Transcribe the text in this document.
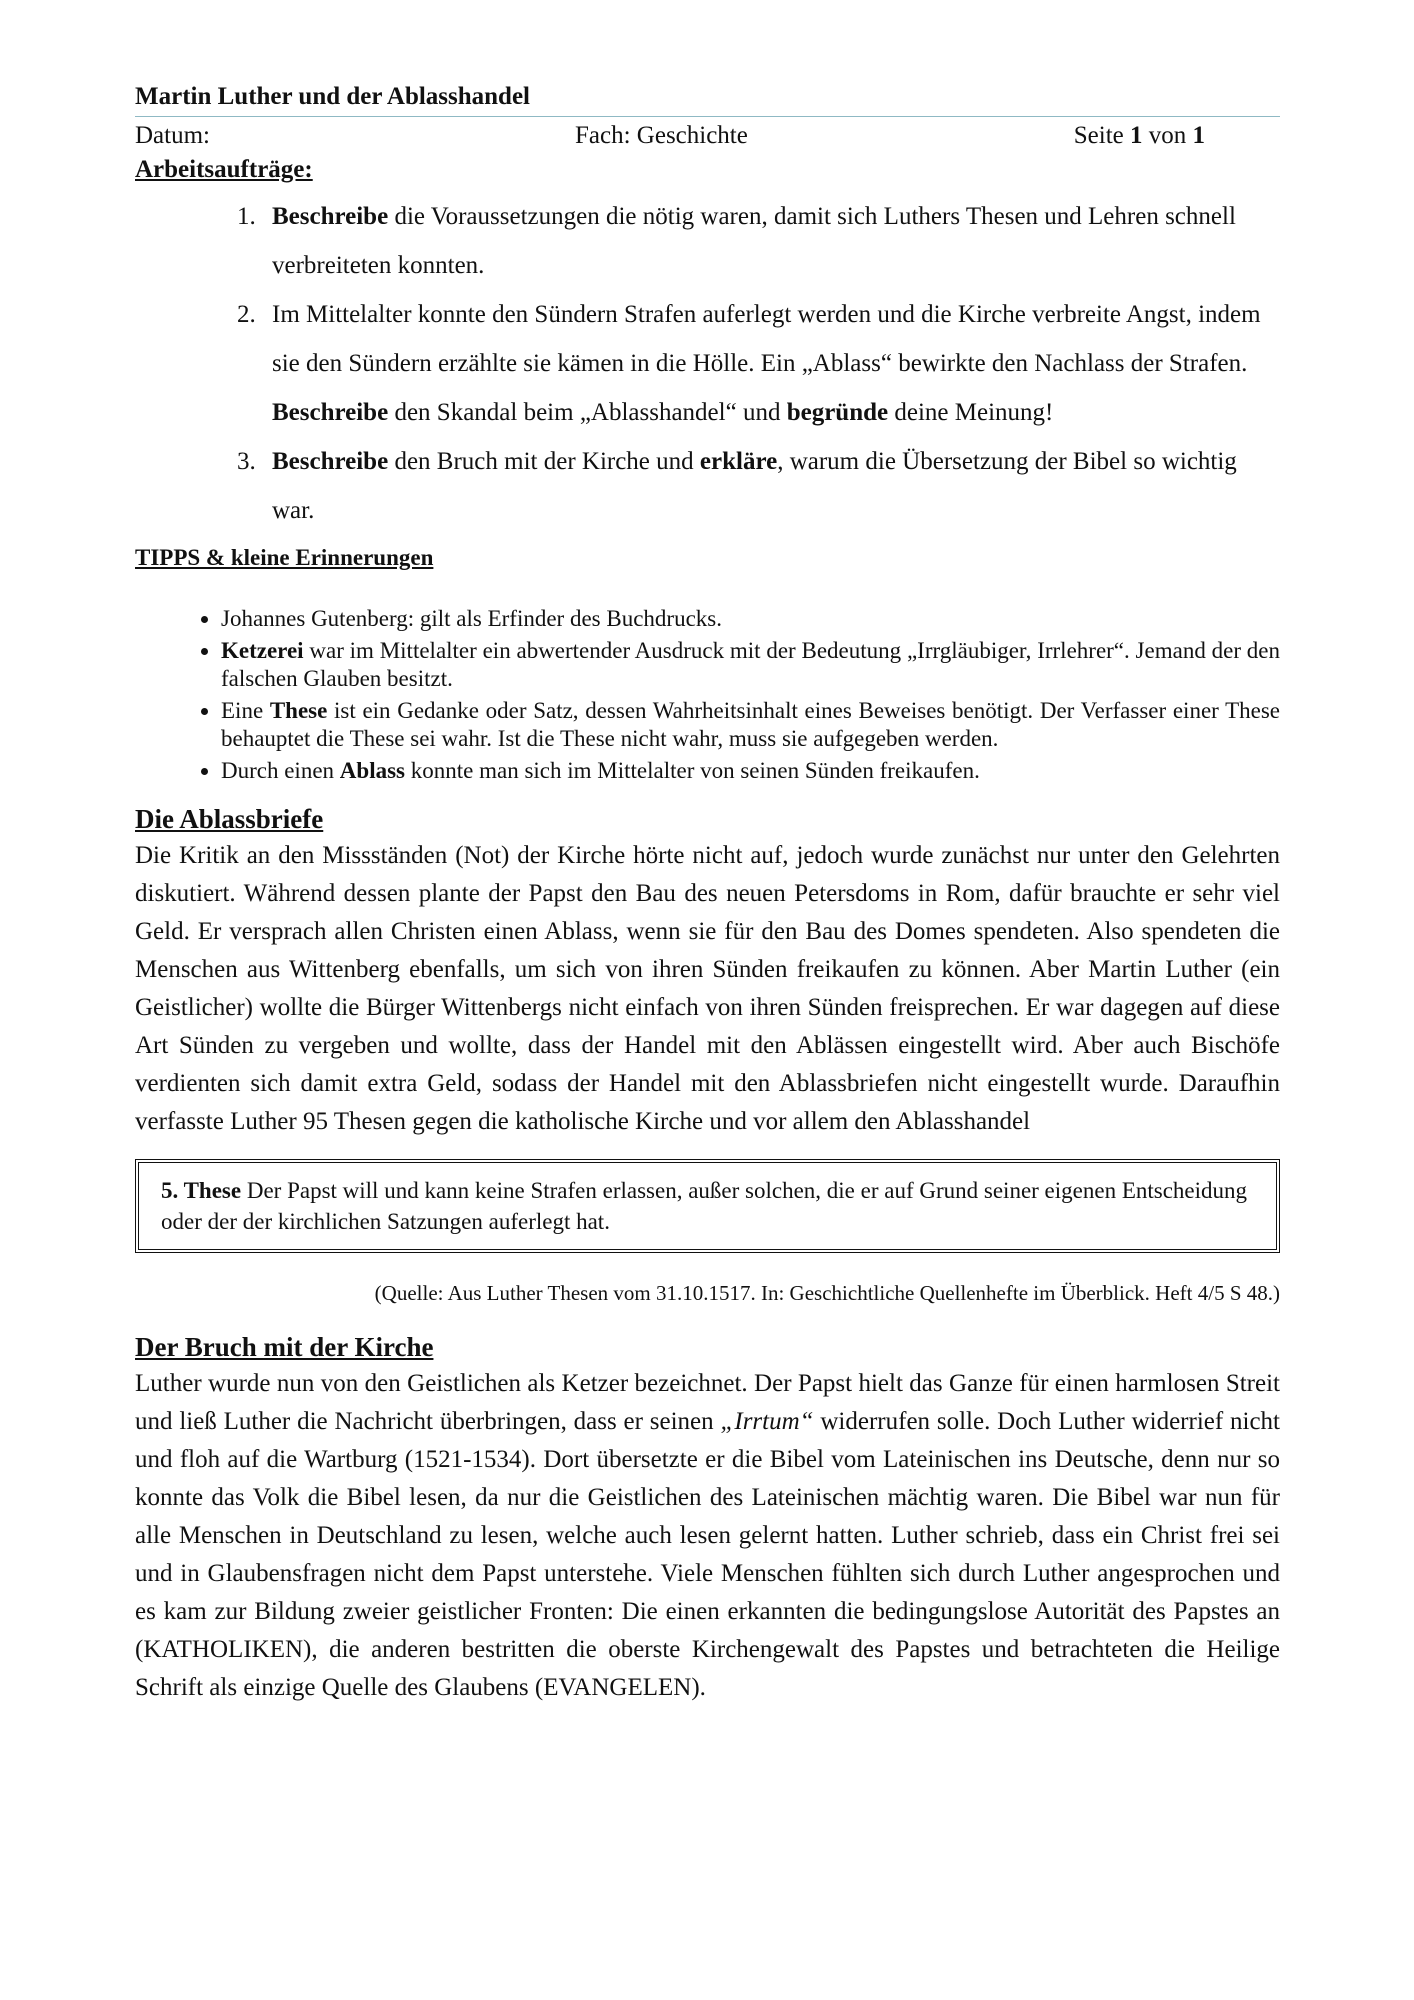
Martin Luther und der Ablasshandel
Datum:	Fach: Geschichte	Seite 1 von 1
Arbeitsaufträge:
1. Beschreibe die Voraussetzungen die nötig waren, damit sich Luthers Thesen und Lehren schnell verbreiteten konnten.
2. Im Mittelalter konnte den Sündern Strafen auferlegt werden und die Kirche verbreite Angst, indem sie den Sündern erzählte sie kämen in die Hölle. Ein „Ablass“ bewirkte den Nachlass der Strafen.
Beschreibe den Skandal beim „Ablasshandel“ und begründe deine Meinung!
3. Beschreibe den Bruch mit der Kirche und erkläre, warum die Übersetzung der Bibel so wichtig war.
TIPPS & kleine Erinnerungen
• Johannes Gutenberg: gilt als Erfinder des Buchdrucks.
• Ketzerei war im Mittelalter ein abwertender Ausdruck mit der Bedeutung „Irrgläubiger, Irrlehrer“. Jemand der den falschen Glauben besitzt.
• Eine These ist ein Gedanke oder Satz, dessen Wahrheitsinhalt eines Beweises benötigt. Der Verfasser einer These behauptet die These sei wahr. Ist die These nicht wahr, muss sie aufgegeben werden.
• Durch einen Ablass konnte man sich im Mittelalter von seinen Sünden freikaufen.
Die Ablassbriefe

Die Kritik an den Missständen (Not) der Kirche hörte nicht auf, jedoch wurde zunächst nur unter den Gelehrten diskutiert. Während dessen plante der Papst den Bau des neuen Petersdoms in Rom, dafür brauchte er sehr viel Geld. Er versprach allen Christen einen Ablass, wenn sie für den Bau des Domes spendeten. Also spendeten die Menschen aus Wittenberg ebenfalls, um sich von ihren Sünden freikaufen zu können. Aber Martin Luther (ein Geistlicher) wollte die Bürger Wittenbergs nicht einfach von ihren Sünden freisprechen. Er war dagegen auf diese Art Sünden zu vergeben und wollte, dass der Handel mit den Ablässen eingestellt wird. Aber auch Bischöfe verdienten sich damit extra Geld, sodass der Handel mit den Ablassbriefen nicht eingestellt wurde. Daraufhin verfasste Luther 95 Thesen gegen die katholische Kirche und vor allem den Ablasshandel

5. These Der Papst will und kann keine Strafen erlassen, außer solchen, die er auf Grund seiner eigenen Entscheidung oder der der kirchlichen Satzungen auferlegt hat.
(Quelle: Aus Luther Thesen vom 31.10.1517. In: Geschichtliche Quellenhefte im Überblick. Heft 4/5 S 48.)
Der Bruch mit der Kirche

Luther wurde nun von den Geistlichen als Ketzer bezeichnet. Der Papst hielt das Ganze für einen harmlosen Streit und ließ Luther die Nachricht überbringen, dass er seinen „Irrtum“ widerrufen solle. Doch Luther widerrief nicht und floh auf die Wartburg (1521-1534). Dort übersetzte er die Bibel vom Lateinischen ins Deutsche, denn nur so konnte das Volk die Bibel lesen, da nur die Geistlichen des Lateinischen mächtig waren. Die Bibel war nun für alle Menschen in Deutschland zu lesen, welche auch lesen gelernt hatten. Luther schrieb, dass ein Christ frei sei und in Glaubensfragen nicht dem Papst unterstehe. Viele Menschen fühlten sich durch Luther angesprochen und es kam zur Bildung zweier geistlicher Fronten: Die einen erkannten die bedingungslose Autorität des Papstes an (KATHOLIKEN), die anderen bestritten die oberste Kirchengewalt des Papstes und betrachteten die Heilige Schrift als einzige Quelle des Glaubens (EVANGELEN).
